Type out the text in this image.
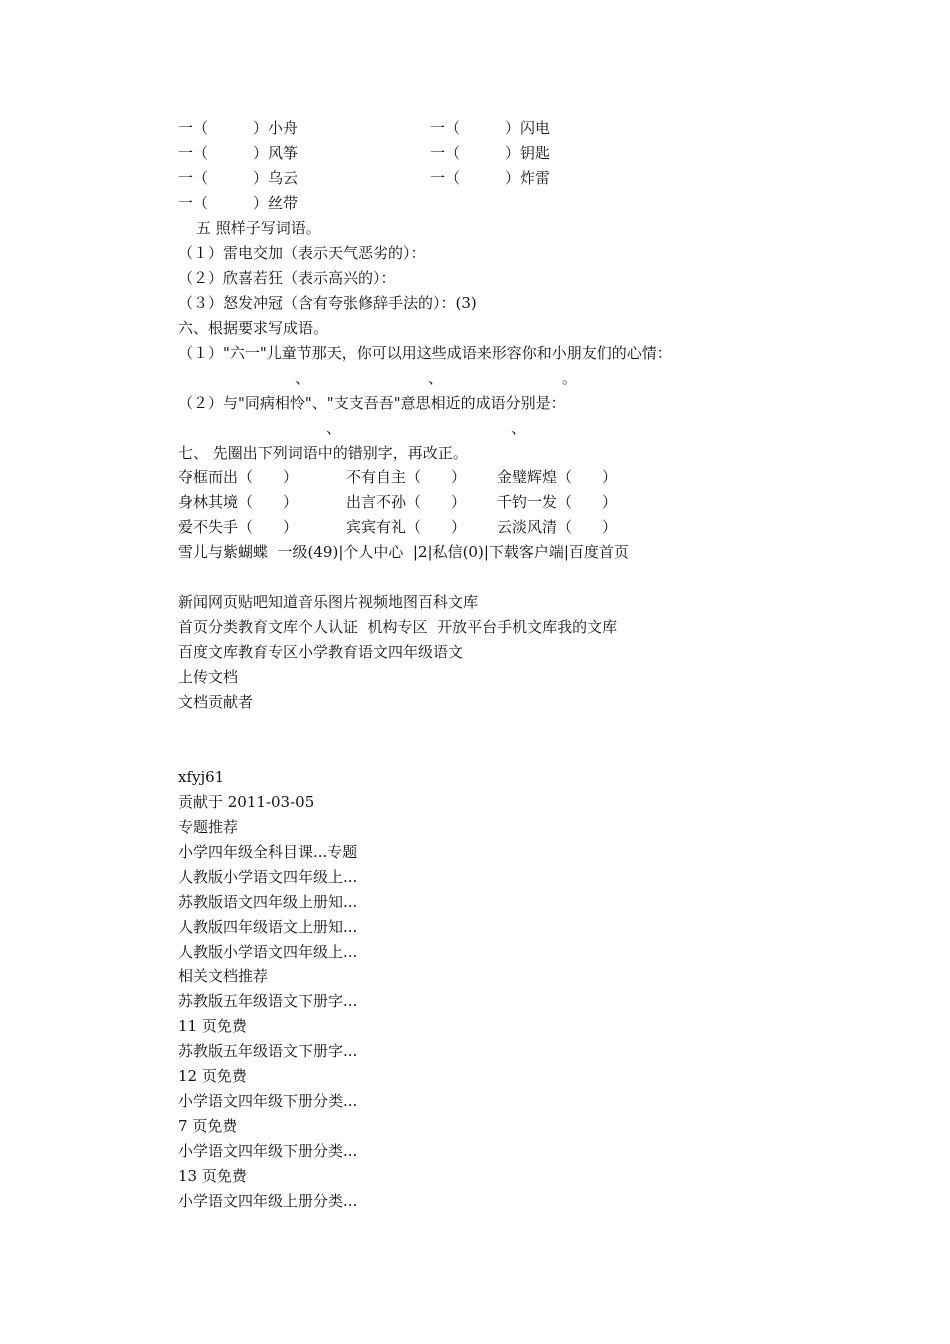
一（　　　）小舟	一（　　　）闪电
一（　　　）风筝	一（　　　）钥匙
一（　　　）乌云	一（　　　）炸雷
一（　　　）丝带
五 照样子写词语。
（１）雷电交加（表示天气恶劣的）：
（２）欣喜若狂（表示高兴的）：
（３）怒发冲冠（含有夸张修辞手法的）：(3)
六、根据要求写成语。
（１）"六一"儿童节那天，你可以用这些成语来形容你和小朋友们的心情：
、	、	。
（２）与"同病相怜"、"支支吾吾"意思相近的成语分别是：
、	、
七、 先圈出下列词语中的错别字，再改正。
夺框而出（　　）	不有自主（　　） 金璧辉煌（　　）
身林其境（　　）	出言不孙（　　） 千钓一发（　　）
爱不失手（　　）	宾宾有礼（　　） 云淡风清（　　）
雪儿与紫蝴蝶  一级(49)|个人中心  |2|私信(0)|下载客户端|百度首页
新闻网页贴吧知道音乐图片视频地图百科文库
首页分类教育文库个人认证  机构专区  开放平台手机文库我的文库
百度文库教育专区小学教育语文四年级语文
上传文档
文档贡献者
xfyj61
贡献于 2011-03-05
专题推荐
小学四年级全科目课...专题
人教版小学语文四年级上...
苏教版语文四年级上册知...
人教版四年级语文上册知...
人教版小学语文四年级上...
相关文档推荐
苏教版五年级语文下册字...
11 页免费
苏教版五年级语文下册字...
12 页免费
小学语文四年级下册分类...
7 页免费
小学语文四年级下册分类...
13 页免费
小学语文四年级上册分类...
